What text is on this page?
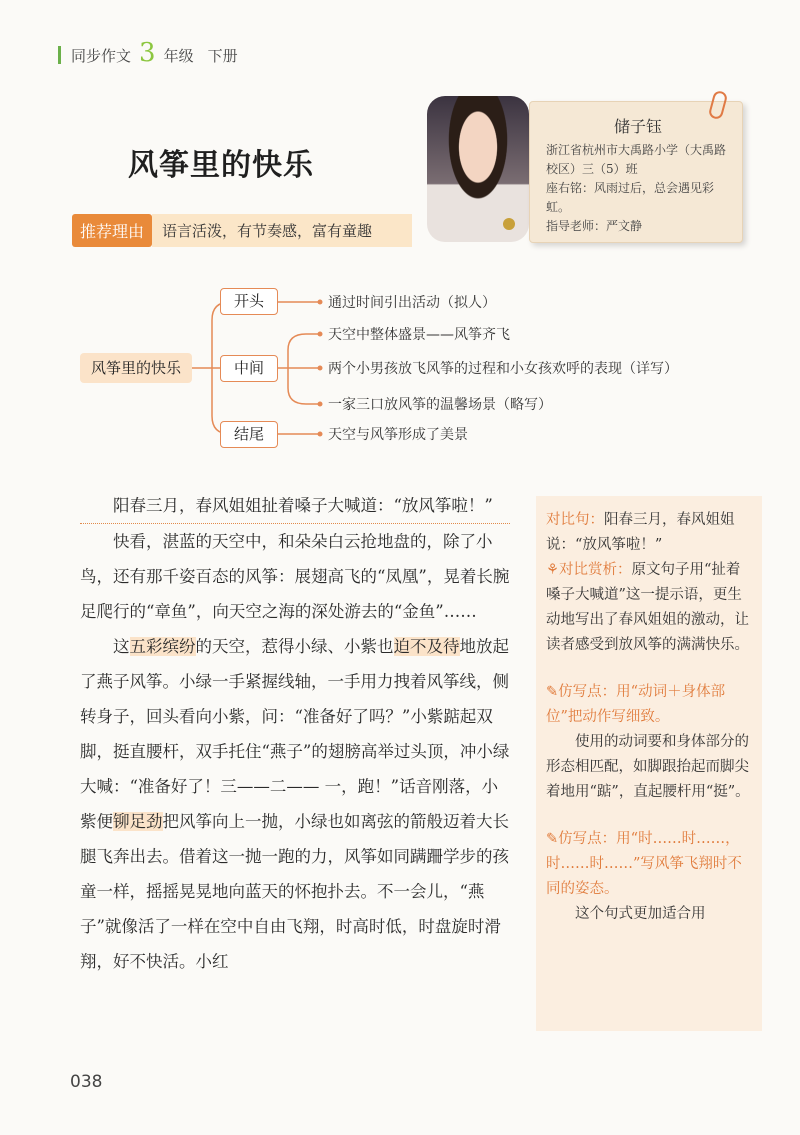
同步作文 3 年级 下册
风筝里的快乐
推荐理由	语言活泼，有节奏感，富有童趣
储子钰
浙江省杭州市大禹路小学（大禹路校区）三（5）班
座右铭：风雨过后，总会遇见彩虹。
指导老师：严文静
风筝里的快乐
开头
中间
结尾
通过时间引出活动（拟人）
天空中整体盛景——风筝齐飞
两个小男孩放飞风筝的过程和小女孩欢呼的表现（详写）
一家三口放风筝的温馨场景（略写）
天空与风筝形成了美景

阳春三月，春风姐姐扯着嗓子大喊道：“放风筝啦！”

快看，湛蓝的天空中，和朵朵白云抢地盘的，除了小鸟，还有那千姿百态的风筝：展翅高飞的“凤凰”，晃着长腕足爬行的“章鱼”，向天空之海的深处游去的“金鱼”……

这五彩缤纷的天空，惹得小绿、小紫也迫不及待地放起了燕子风筝。小绿一手紧握线轴，一手用力拽着风筝线，侧转身子，回头看向小紫，问：“准备好了吗？”小紫踮起双脚，挺直腰杆，双手托住“燕子”的翅膀高举过头顶，冲小绿大喊：“准备好了！三——二—— 一，跑！”话音刚落，小紫便铆足劲把风筝向上一抛，小绿也如离弦的箭般迈着大长腿飞奔出去。借着这一抛一跑的力，风筝如同蹒跚学步的孩童一样，摇摇晃晃地向蓝天的怀抱扑去。不一会儿，“燕子”就像活了一样在空中自由飞翔，时高时低，时盘旋时滑翔，好不快活。小红

对比句：阳春三月，春风姐姐说：“放风筝啦！”
⚘对比赏析：原文句子用“扯着嗓子大喊道”这一提示语，更生动地写出了春风姐姐的激动，让读者感受到放风筝的满满快乐。
✎仿写点：用“动词＋身体部位”把动作写细致。
使用的动词要和身体部分的形态相匹配，如脚跟抬起而脚尖着地用“踮”，直起腰杆用“挺”。
✎仿写点：用“时……时……，时……时……”写风筝飞翔时不同的姿态。
这个句式更加适合用
038
